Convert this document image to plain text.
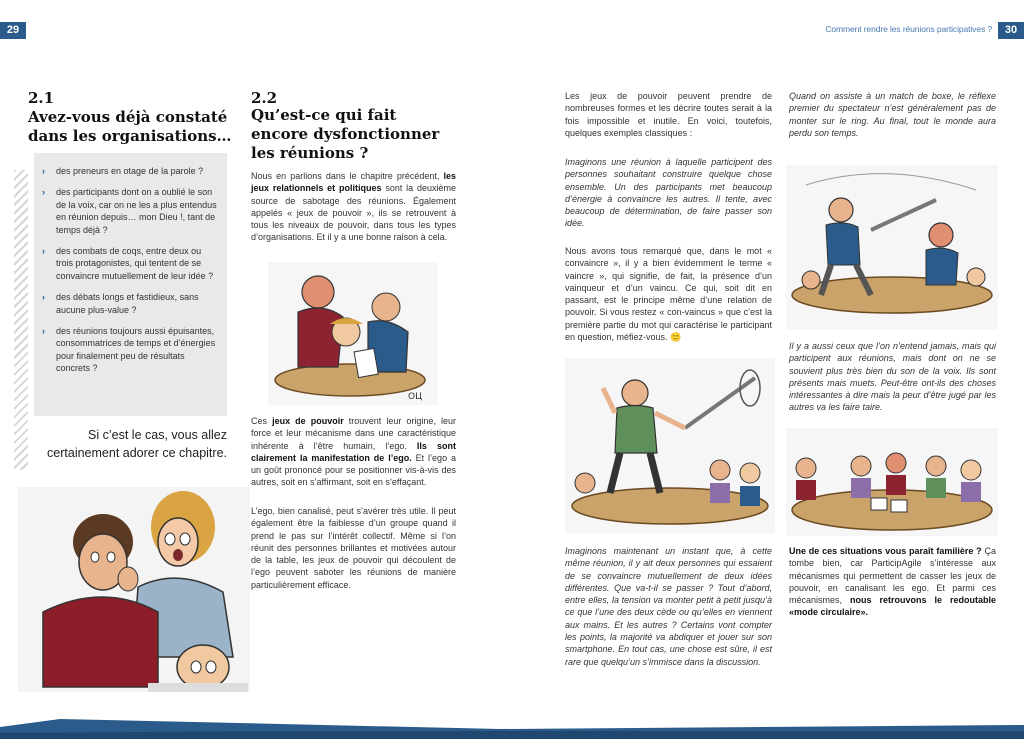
29	Comment rendre les réunions participatives ?	30
2.1
Avez-vous déjà constaté
dans les organisations…
› des preneurs en otage de la parole ?
› des participants dont on a oublié le son de la voix, car on ne les a plus entendus en réunion depuis… mon Dieu !, tant de temps déjà ?
› des combats de coqs, entre deux ou trois protagonistes, qui tentent de se convaincre mutuellement de leur idée ?
› des débats longs et fastidieux, sans aucune plus-value ?
› des réunions toujours aussi épuisantes, consommatrices de temps et d’énergies pour finalement peu de résultats concrets ?
Si c’est le cas, vous allez certainement adorer ce chapitre.
2.2
Qu’est-ce qui fait
encore dysfonctionner
les réunions ?
Nous en parlions dans le chapitre précédent, les jeux relationnels et politiques sont la deuxième source de sabotage des réunions. Également appelés « jeux de pouvoir », ils se retrouvent à tous les niveaux de pouvoir, dans tous les types d’organisations. Et il y a une bonne raison à cela.
ОЦ
Ces jeux de pouvoir trouvent leur origine, leur force et leur mécanisme dans une caractéristique inhérente à l’être humain, l’ego. Ils sont clairement la manifestation de l’ego. Et l’ego a un goût prononcé pour se positionner vis-à-vis des autres, soit en s’affirmant, soit en s’effaçant.
L’ego, bien canalisé, peut s’avérer très utile. Il peut également être la faiblesse d’un groupe quand il prend le pas sur l’intérêt collectif. Même si l’on réunit des personnes brillantes et motivées autour de la table, les jeux de pouvoir qui découlent de l’ego peuvent saboter les réunions de manière particulièrement efficace.
Les jeux de pouvoir peuvent prendre de nombreuses formes et les décrire toutes serait à la fois impossible et inutile. En voici, toutefois, quelques exemples classiques :
Imaginons une réunion à laquelle participent des personnes souhaitant construire quelque chose ensemble. Un des participants met beaucoup d’énergie à convaincre les autres. Il tente, avec beaucoup de détermination, de faire passer son idée.
Nous avons tous remarqué que, dans le mot « convaincre », il y a bien évidemment le terme « vaincre », qui signifie, de fait, la présence d’un vainqueur et d’un vaincu. Ce qui, soit dit en passant, est le principe même d’une relation de pouvoir. Si vous restez « con-vaincus » que c’est la première partie du mot qui caractérise le participant en question, méfiez-vous. 🙂
Imaginons maintenant un instant que, à cette même réunion, il y ait deux personnes qui essaient de se convaincre mutuellement de deux idées différentes. Que va-t-il se passer ? Tout d’abord, entre elles, la tension va monter petit à petit jusqu’à ce que l’une des deux cède ou qu’elles en viennent aux mains. Et les autres ? Certains vont compter les points, la majorité va abdiquer et jouer sur son smartphone. En tout cas, une chose est sûre, il est rare que quelqu’un s’immisce dans la discussion.
Quand on assiste à un match de boxe, le réflexe premier du spectateur n’est généralement pas de monter sur le ring. Au final, tout le monde aura perdu son temps.
Il y a aussi ceux que l’on n’entend jamais, mais qui participent aux réunions, mais dont on ne se souvient plus très bien du son de la voix. Ils sont présents mais muets. Peut-être ont-ils des choses intéressantes à dire mais la peur d’être jugé par les autres va les faire taire.
Une de ces situations vous paraît familière ? Ça tombe bien, car ParticipAgile s’intéresse aux mécanismes qui permettent de casser les jeux de pouvoir, en canalisant les ego. Et parmi ces mécanismes, nous retrouvons le redoutable «mode circulaire».
